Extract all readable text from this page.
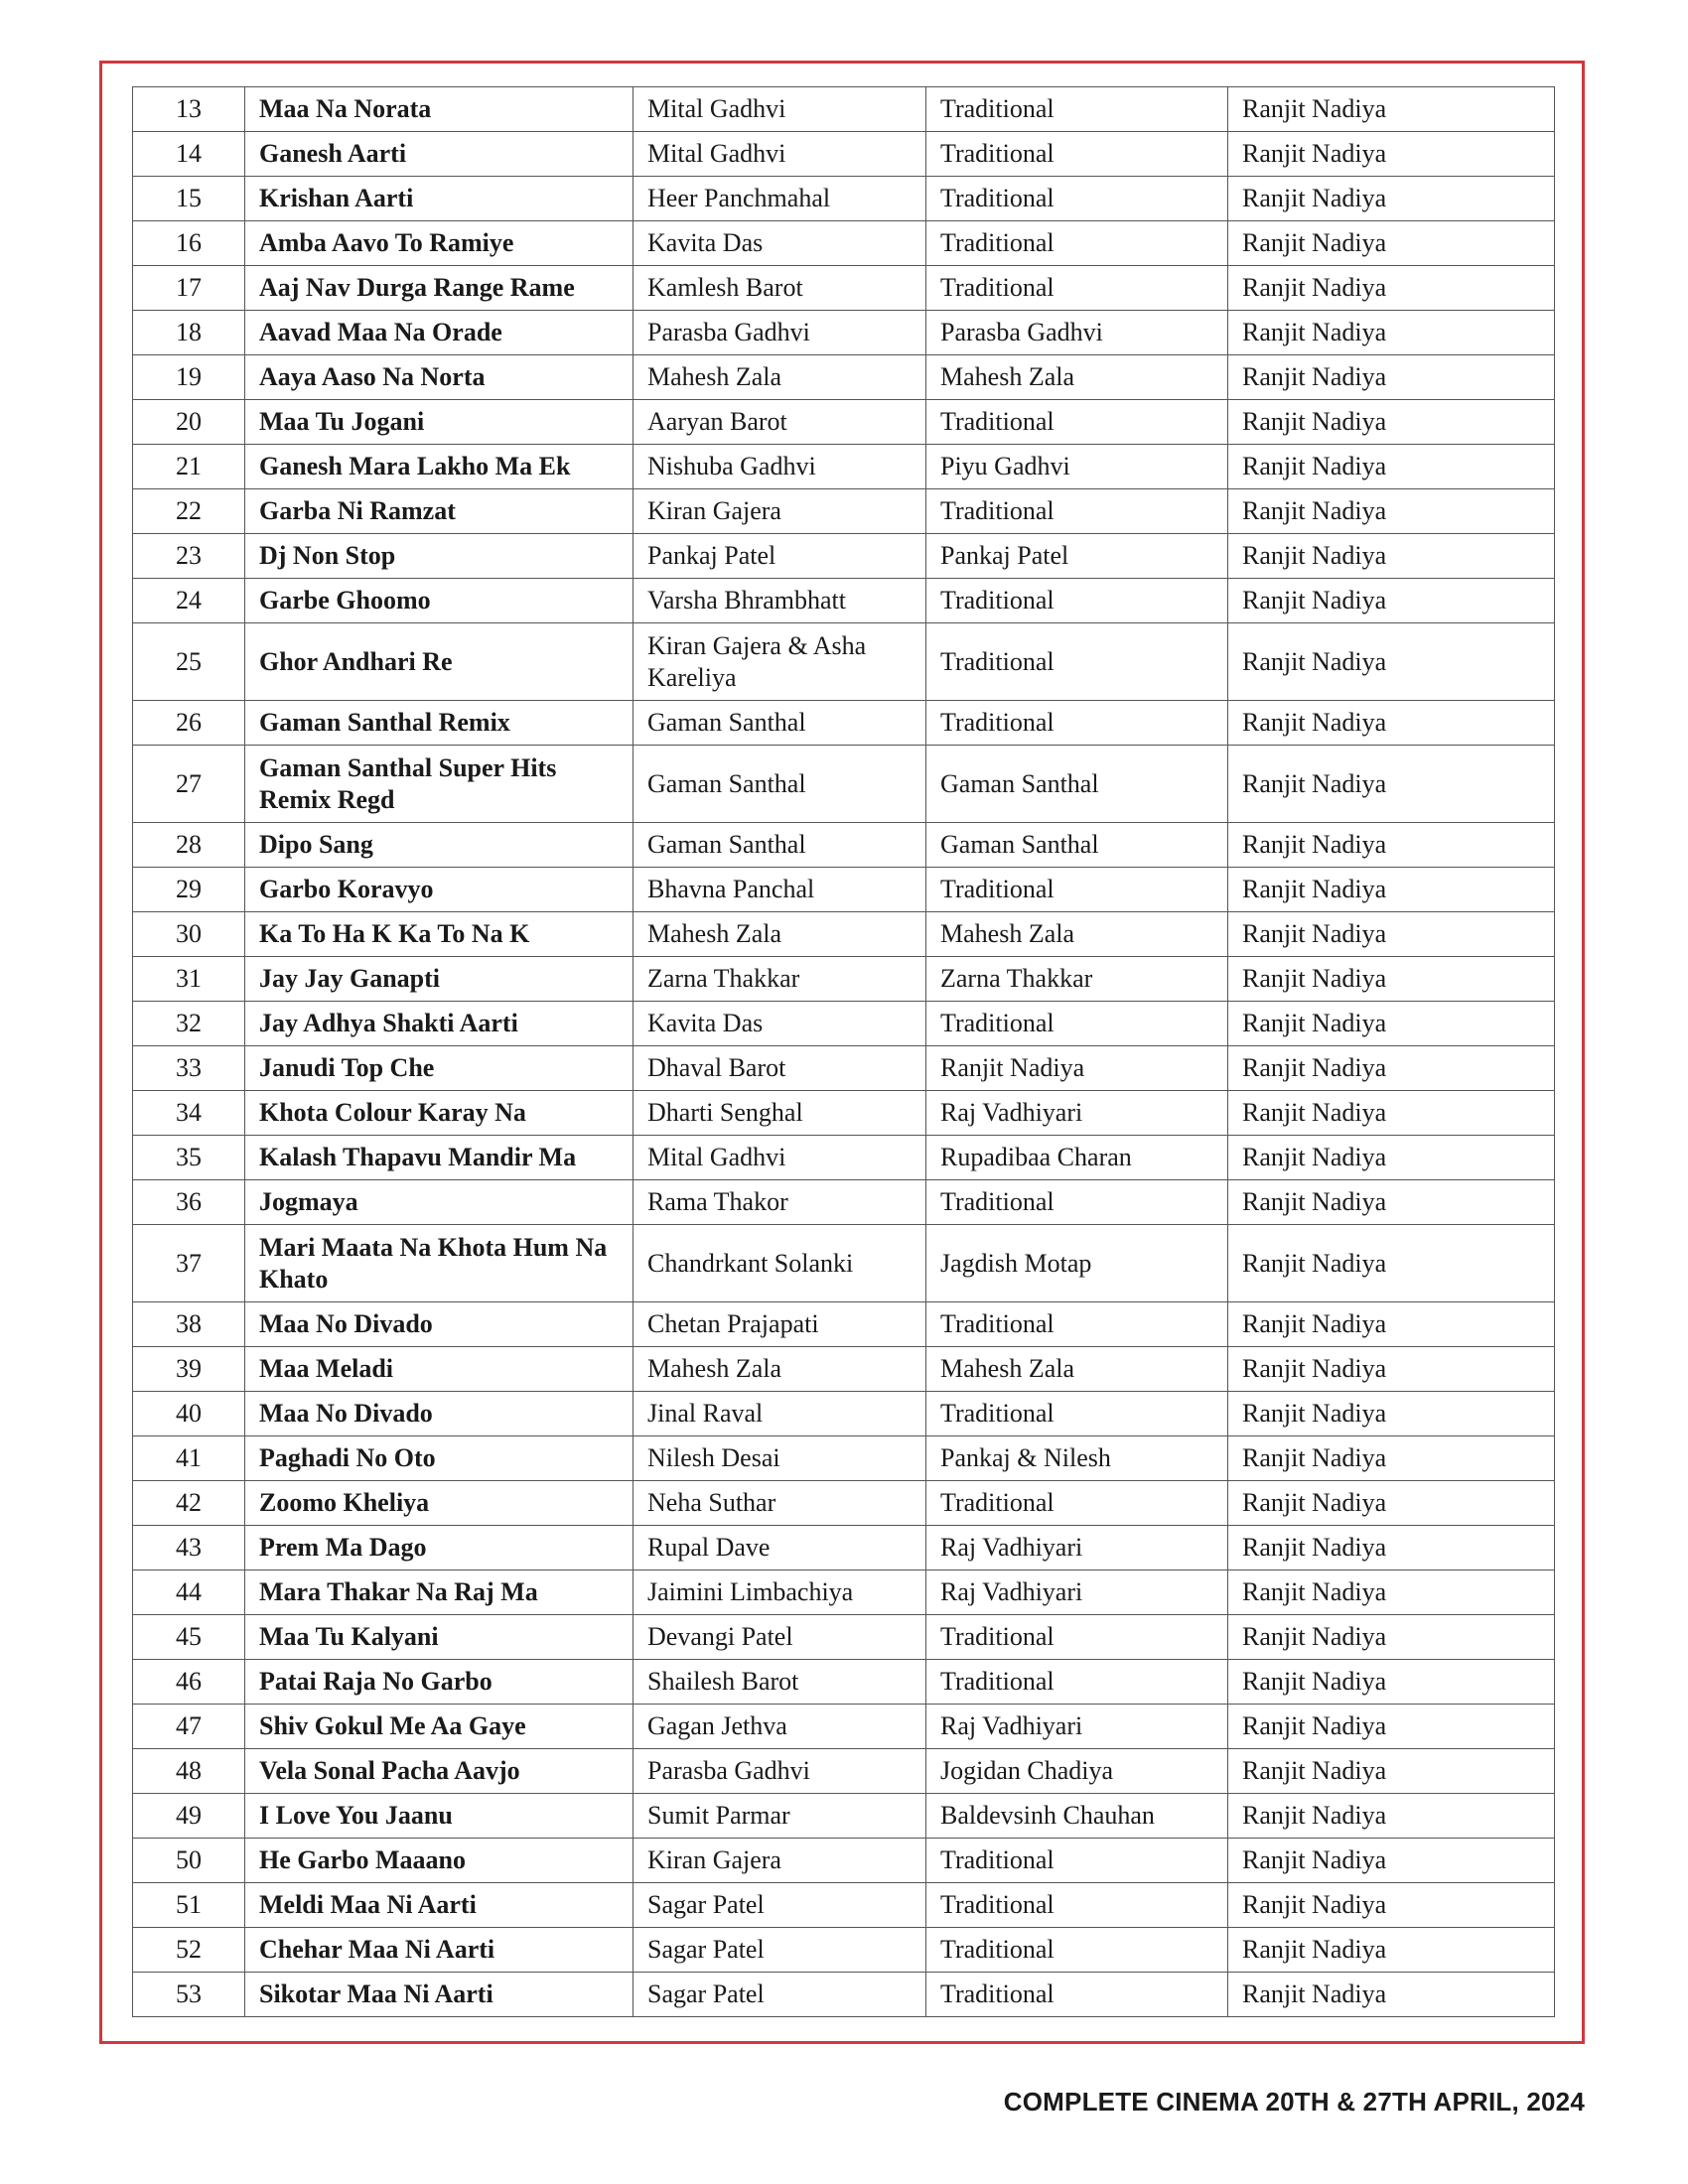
13	Maa Na Norata	Mital Gadhvi	Traditional	Ranjit Nadiya
14	Ganesh Aarti	Mital Gadhvi	Traditional	Ranjit Nadiya
15	Krishan Aarti	Heer Panchmahal	Traditional	Ranjit Nadiya
16	Amba Aavo To Ramiye	Kavita Das	Traditional	Ranjit Nadiya
17	Aaj Nav Durga Range Rame	Kamlesh Barot	Traditional	Ranjit Nadiya
18	Aavad Maa Na Orade	Parasba Gadhvi	Parasba Gadhvi	Ranjit Nadiya
19	Aaya Aaso Na Norta	Mahesh Zala	Mahesh Zala	Ranjit Nadiya
20	Maa Tu Jogani	Aaryan Barot	Traditional	Ranjit Nadiya
21	Ganesh Mara Lakho Ma Ek	Nishuba Gadhvi	Piyu Gadhvi	Ranjit Nadiya
22	Garba Ni Ramzat	Kiran Gajera	Traditional	Ranjit Nadiya
23	Dj Non Stop	Pankaj Patel	Pankaj Patel	Ranjit Nadiya
24	Garbe Ghoomo	Varsha Bhrambhatt	Traditional	Ranjit Nadiya
25	Ghor Andhari Re	Kiran Gajera & Asha Kareliya	Traditional	Ranjit Nadiya
26	Gaman Santhal Remix	Gaman Santhal	Traditional	Ranjit Nadiya
27	Gaman Santhal Super Hits Remix Regd	Gaman Santhal	Gaman Santhal	Ranjit Nadiya
28	Dipo Sang	Gaman Santhal	Gaman Santhal	Ranjit Nadiya
29	Garbo Koravyo	Bhavna Panchal	Traditional	Ranjit Nadiya
30	Ka To Ha K Ka To Na K	Mahesh Zala	Mahesh Zala	Ranjit Nadiya
31	Jay Jay Ganapti	Zarna Thakkar	Zarna Thakkar	Ranjit Nadiya
32	Jay Adhya Shakti Aarti	Kavita Das	Traditional	Ranjit Nadiya
33	Janudi Top Che	Dhaval Barot	Ranjit Nadiya	Ranjit Nadiya
34	Khota Colour Karay Na	Dharti Senghal	Raj Vadhiyari	Ranjit Nadiya
35	Kalash Thapavu Mandir Ma	Mital Gadhvi	Rupadibaa Charan	Ranjit Nadiya
36	Jogmaya	Rama Thakor	Traditional	Ranjit Nadiya
37	Mari Maata Na Khota Hum Na Khato	Chandrkant Solanki	Jagdish Motap	Ranjit Nadiya
38	Maa No Divado	Chetan Prajapati	Traditional	Ranjit Nadiya
39	Maa Meladi	Mahesh Zala	Mahesh Zala	Ranjit Nadiya
40	Maa No Divado	Jinal Raval	Traditional	Ranjit Nadiya
41	Paghadi No Oto	Nilesh Desai	Pankaj & Nilesh	Ranjit Nadiya
42	Zoomo Kheliya	Neha Suthar	Traditional	Ranjit Nadiya
43	Prem Ma Dago	Rupal Dave	Raj Vadhiyari	Ranjit Nadiya
44	Mara Thakar Na Raj Ma	Jaimini Limbachiya	Raj Vadhiyari	Ranjit Nadiya
45	Maa Tu Kalyani	Devangi Patel	Traditional	Ranjit Nadiya
46	Patai Raja No Garbo	Shailesh Barot	Traditional	Ranjit Nadiya
47	Shiv Gokul Me Aa Gaye	Gagan Jethva	Raj Vadhiyari	Ranjit Nadiya
48	Vela Sonal Pacha Aavjo	Parasba Gadhvi	Jogidan Chadiya	Ranjit Nadiya
49	I Love You Jaanu	Sumit Parmar	Baldevsinh Chauhan	Ranjit Nadiya
50	He Garbo Maaano	Kiran Gajera	Traditional	Ranjit Nadiya
51	Meldi Maa Ni Aarti	Sagar Patel	Traditional	Ranjit Nadiya
52	Chehar Maa Ni Aarti	Sagar Patel	Traditional	Ranjit Nadiya
53	Sikotar Maa Ni Aarti	Sagar Patel	Traditional	Ranjit Nadiya
COMPLETE CINEMA 20TH & 27TH APRIL, 2024
